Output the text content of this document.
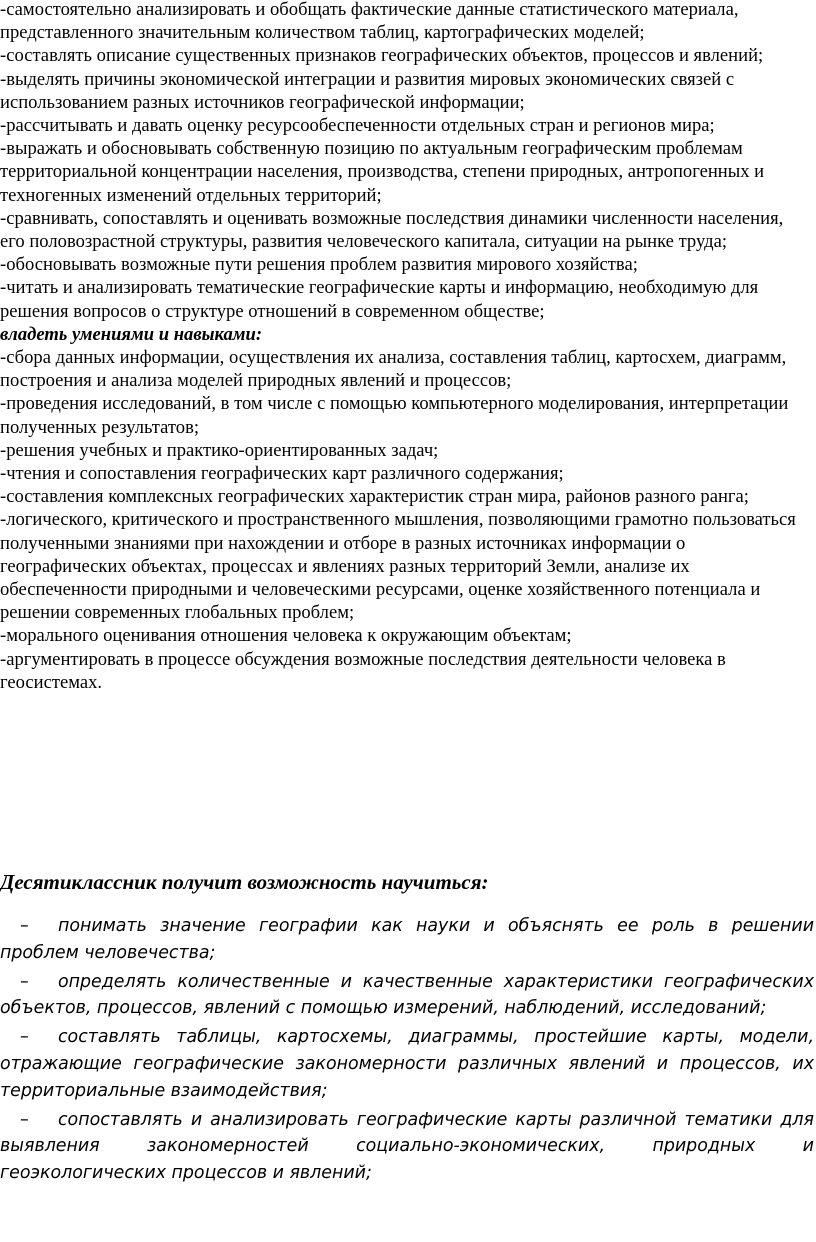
-самостоятельно анализировать и обобщать фактические данные статистического материала, представленного значительным количеством таблиц, картографических моделей;

-составлять описание существенных признаков географических объектов, процессов и явлений;

-выделять причины экономической интеграции и развития мировых экономических связей с использованием разных источников географической информации;

-рассчитывать и давать оценку ресурсообеспеченности отдельных стран и регионов мира;

-выражать и обосновывать собственную позицию по актуальным географическим проблемам территориальной концентрации населения, производства, степени природных, антропогенных и техногенных изменений отдельных территорий;

-сравнивать, сопоставлять и оценивать возможные последствия динамики численности населения,

его половозрастной структуры, развития человеческого капитала, ситуации на рынке труда;

-обосновывать возможные пути решения проблем развития мирового хозяйства;

-читать и анализировать тематические географические карты и информацию, необходимую для решения вопросов о структуре отношений в современном обществе;

владеть умениями и навыками:

-сбора данных информации, осуществления их анализа, составления таблиц, картосхем, диаграмм,

построения и анализа моделей природных явлений и процессов;

-проведения исследований, в том числе с помощью компьютерного моделирования, интерпретации полученных результатов;

-решения учебных и практико-ориентированных задач;

-чтения и сопоставления географических карт различного содержания;

-составления комплексных географических характеристик стран мира, районов разного ранга;

-логического, критического и пространственного мышления, позволяющими грамотно пользоваться полученными знаниями при нахождении и отборе в разных источниках информации о географических объектах, процессах и явлениях разных территорий Земли, анализе их обеспеченности природными и человеческими ресурсами, оценке хозяйственного потенциала и решении современных глобальных проблем;

-морального оценивания отношения человека к окружающим объектам;

-аргументировать в процессе обсуждения возможные последствия деятельности человека в геосистемах.

Десятиклассник получит возможность научиться:

– понимать значение географии как науки и объяснять ее роль в решении проблем человечества;

– определять количественные и качественные характеристики географических объектов, процессов, явлений с помощью измерений, наблюдений, исследований;

– составлять таблицы, картосхемы, диаграммы, простейшие карты, модели, отражающие географические закономерности различных явлений и процессов, их территориальные взаимодействия;

– сопоставлять и анализировать географические карты различной тематики для выявления закономерностей социально-экономических, природных и геоэкологических процессов и явлений;
